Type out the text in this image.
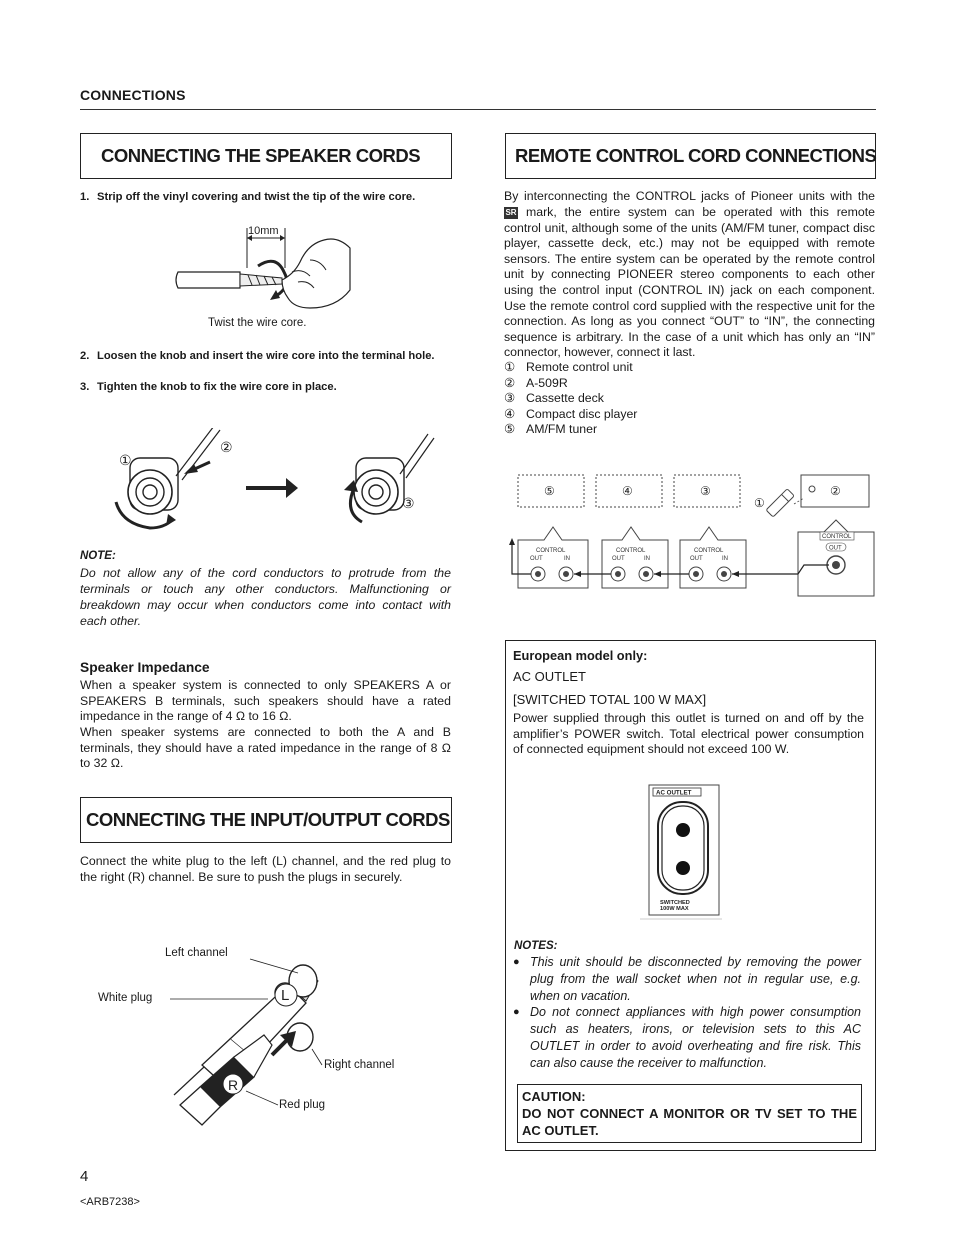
CONNECTIONS
CONNECTING THE SPEAKER CORDS
1. Strip off the vinyl covering and twist the tip of the wire core.
10mm
Twist the wire core.
2. Loosen the knob and insert the wire core into the terminal hole.
3. Tighten the knob to fix the wire core in place.
①
②
③
NOTE:
Do not allow any of the cord conductors to protrude from the terminals or touch any other conductors. Malfunctioning or breakdown may occur when conductors come into contact with each other.
Speaker Impedance
When a speaker system is connected to only SPEAKERS A or SPEAKERS B terminals, such speakers should have a rated impedance in the range of 4 Ω to 16 Ω.
When speaker systems are connected to both the A and B terminals, they should have a rated impedance in the range of 8 Ω to 32 Ω.
CONNECTING THE INPUT/OUTPUT CORDS
Connect the white plug to the left (L) channel, and the red plug to the right (R) channel. Be sure to push the plugs in securely.
L
R
Left channel
White plug
Right channel
Red plug
REMOTE CONTROL CORD CONNECTIONS
By interconnecting the CONTROL jacks of Pioneer units with the
mark, the entire system can be operated with this remote control unit, although some of the units (AM/FM tuner, compact disc player, cassette deck, etc.) may not be equipped with remote sensors. The entire system can be operated by the remote control unit by connecting PIONEER stereo components to each other using the control input (CONTROL IN) jack on each component. Use the remote control cord supplied with the respective unit for the connection. As long as you connect “OUT” to “IN”, the connecting sequence is arbitrary. In the case of a unit which has only an “IN” connector, however, connect it last.
SR
① Remote control unit
② A-509R
③ Cassette deck
④ Compact disc player
⑤ AM/FM tuner
⑤	④	③	②
①
CONTROL
OUT	IN
CONTROL
OUT	IN
CONTROL
OUT	IN
CONTROL
OUT
European model only:
AC OUTLET
[SWITCHED TOTAL 100 W MAX]
Power supplied through this outlet is turned on and off by the amplifier’s POWER switch. Total electrical power consumption of connected equipment should not exceed 100 W.
AC OUTLET
SWITCHED
100W MAX
NOTES:
● This unit should be disconnected by removing the power plug from the wall socket when not in regular use, e.g. when on vacation.
● Do not connect appliances with high power consumption such as heaters, irons, or television sets to this AC OUTLET in order to avoid overheating and fire risk. This can also cause the receiver to malfunction.
CAUTION:
DO NOT CONNECT A MONITOR OR TV SET TO THE AC OUTLET.
4
<ARB7238>
